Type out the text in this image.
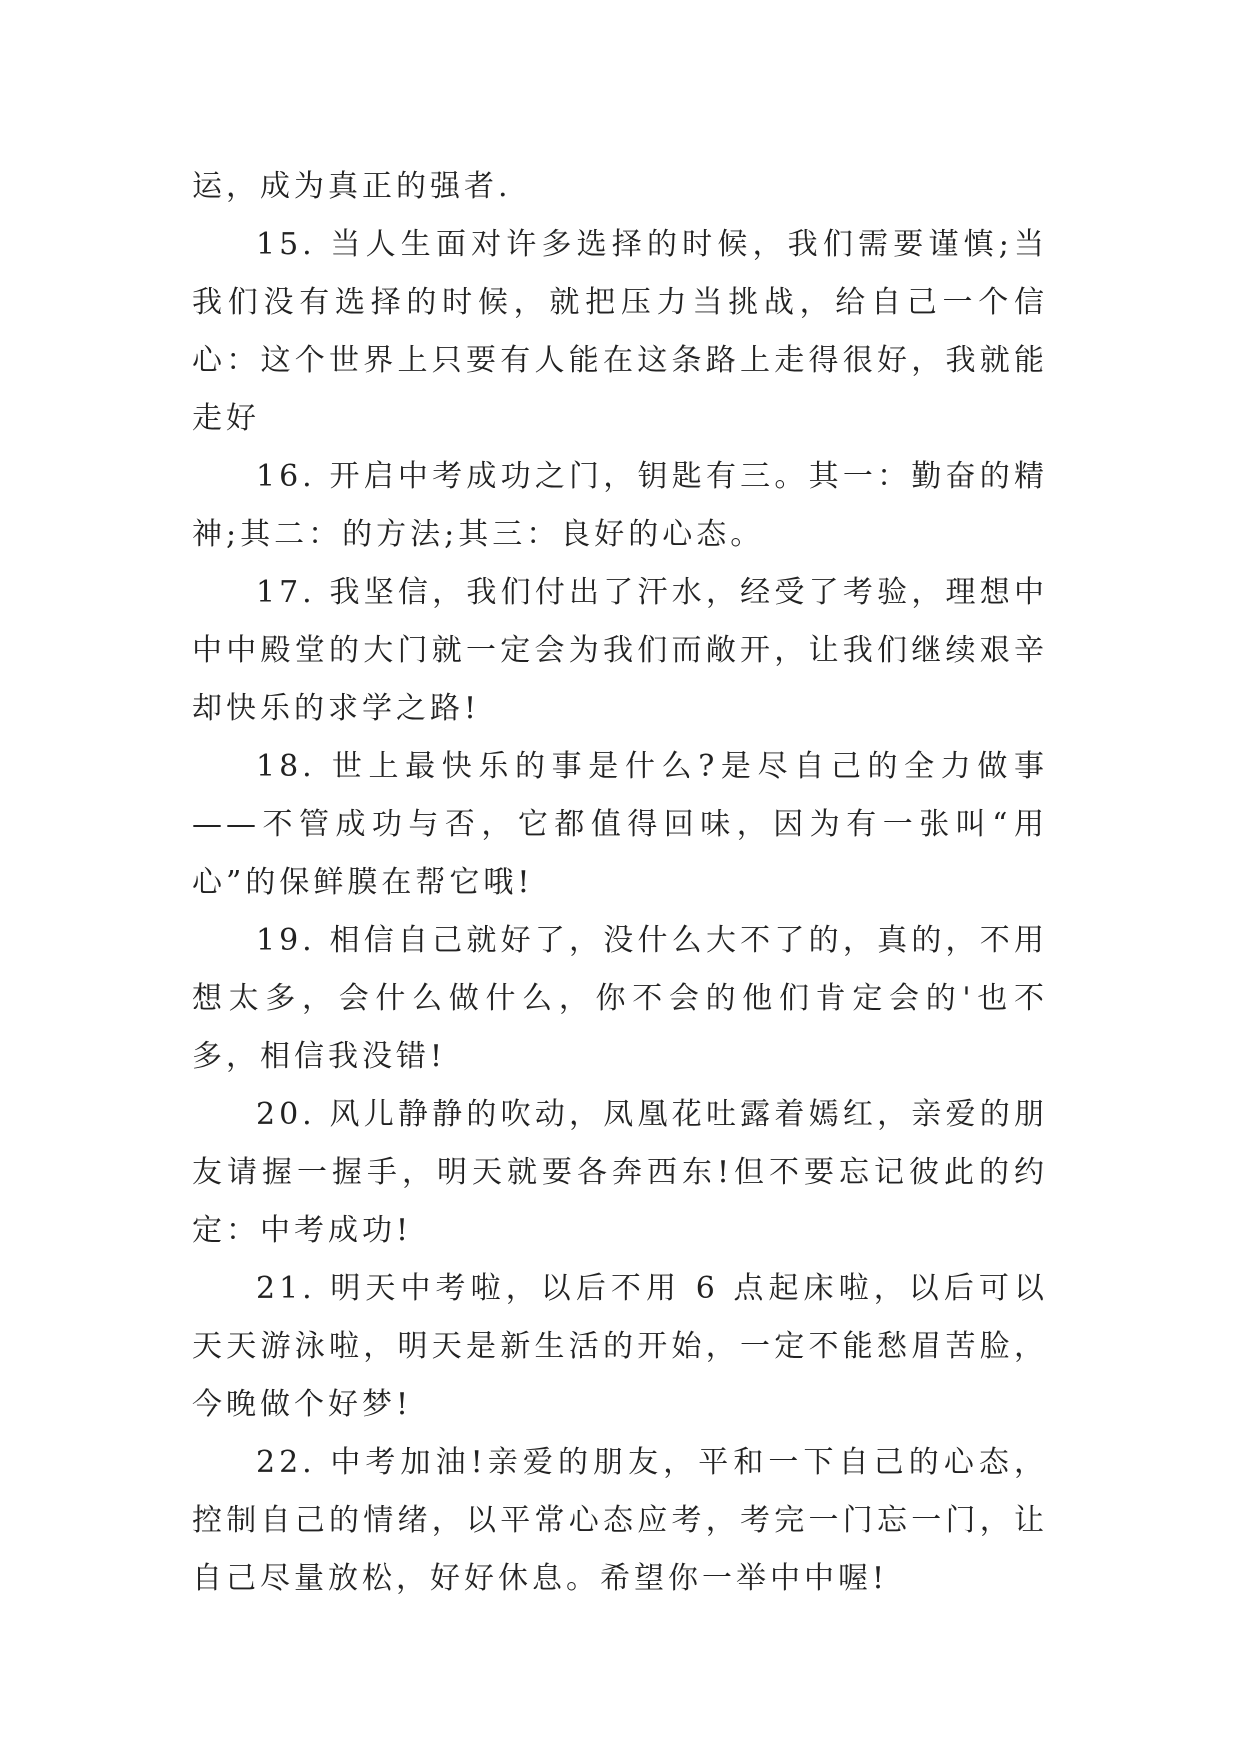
运，成为真正的强者.

15. 当人生面对许多选择的时候，我们需要谨慎;当我们没有选择的时候，就把压力当挑战，给自己一个信心：这个世界上只要有人能在这条路上走得很好，我就能走好

16. 开启中考成功之门，钥匙有三。其一：勤奋的精神;其二：的方法;其三：良好的心态。

17. 我坚信，我们付出了汗水，经受了考验，理想中中中殿堂的大门就一定会为我们而敞开，让我们继续艰辛却快乐的求学之路!

18. 世上最快乐的事是什么?是尽自己的全力做事——不管成功与否，它都值得回味，因为有一张叫“用心”的保鲜膜在帮它哦!

19. 相信自己就好了，没什么大不了的，真的，不用想太多，会什么做什么，你不会的他们肯定会的'也不多，相信我没错!

20. 风儿静静的吹动，凤凰花吐露着嫣红，亲爱的朋友请握一握手，明天就要各奔西东!但不要忘记彼此的约定：中考成功!

21. 明天中考啦，以后不用 6 点起床啦，以后可以天天游泳啦，明天是新生活的开始，一定不能愁眉苦脸，今晚做个好梦!

22. 中考加油!亲爱的朋友，平和一下自己的心态，控制自己的情绪，以平常心态应考，考完一门忘一门，让自己尽量放松，好好休息。希望你一举中中喔!
